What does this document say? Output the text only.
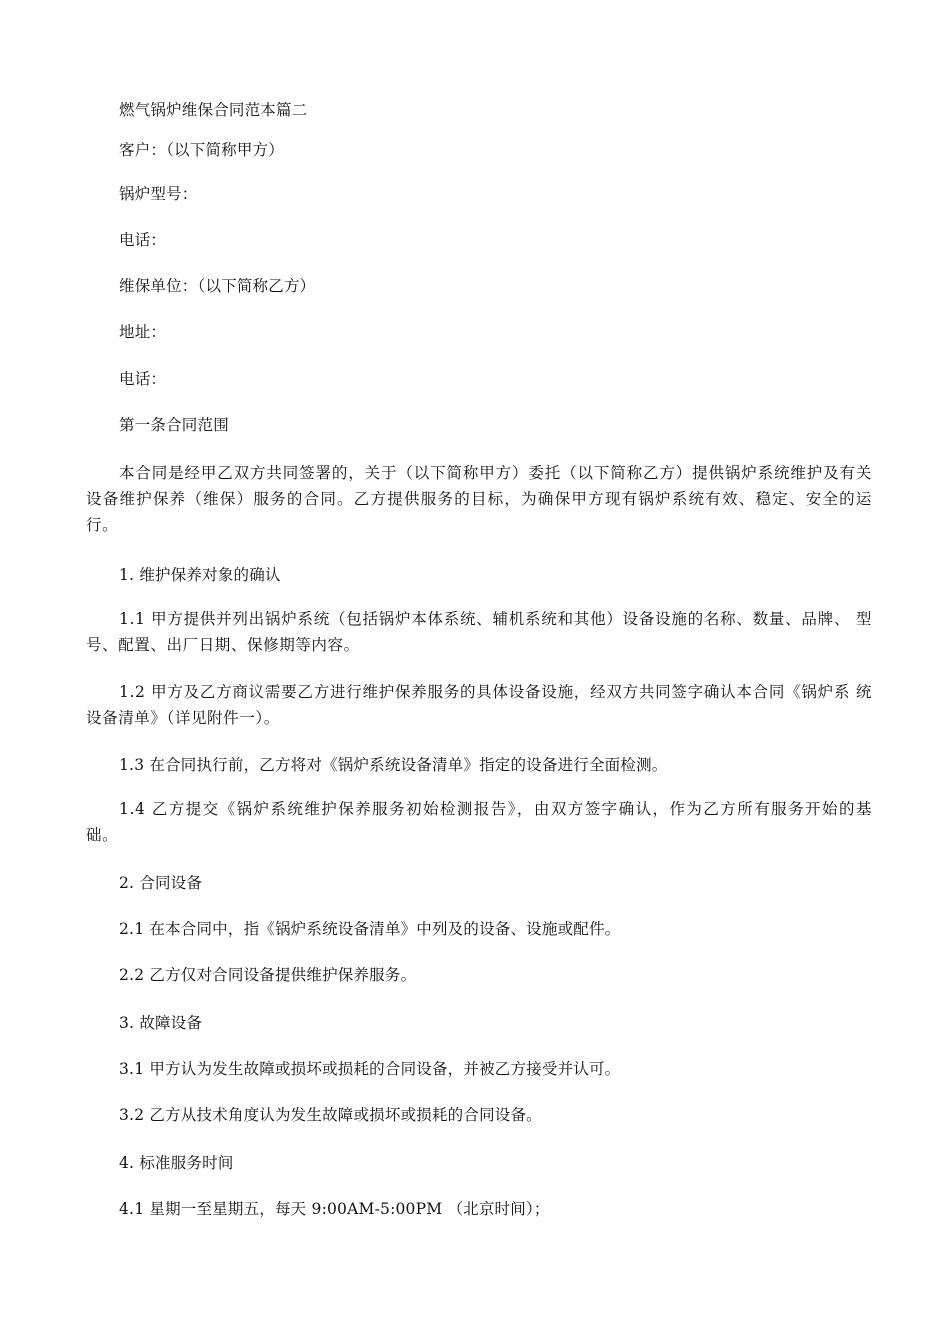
燃气锅炉维保合同范本篇二
客户：（以下简称甲方）
锅炉型号：
电话：
维保单位：（以下简称乙方）
地址：
电话：
第一条合同范围
本合同是经甲乙双方共同签署的，关于（以下简称甲方）委托（以下简称乙方）提供锅炉系统维护及有关设备维护保养（维保）服务的合同。乙方提供服务的目标，为确保甲方现有锅炉系统有效、稳定、安全的运行。
1. 维护保养对象的确认
1.1 甲方提供并列出锅炉系统（包括锅炉本体系统、辅机系统和其他）设备设施的名称、数量、品牌、 型号、配置、出厂日期、保修期等内容。
1.2 甲方及乙方商议需要乙方进行维护保养服务的具体设备设施，经双方共同签字确认本合同《锅炉系 统设备清单》（详见附件一）。
1.3 在合同执行前，乙方将对《锅炉系统设备清单》指定的设备进行全面检测。
1.4 乙方提交《锅炉系统维护保养服务初始检测报告》，由双方签字确认，作为乙方所有服务开始的基 础。
2. 合同设备
2.1 在本合同中，指《锅炉系统设备清单》中列及的设备、设施或配件。
2.2 乙方仅对合同设备提供维护保养服务。
3. 故障设备
3.1 甲方认为发生故障或损坏或损耗的合同设备，并被乙方接受并认可。
3.2 乙方从技术角度认为发生故障或损坏或损耗的合同设备。
4. 标准服务时间
4.1 星期一至星期五，每天 9:00AM-5:00PM （北京时间）；
